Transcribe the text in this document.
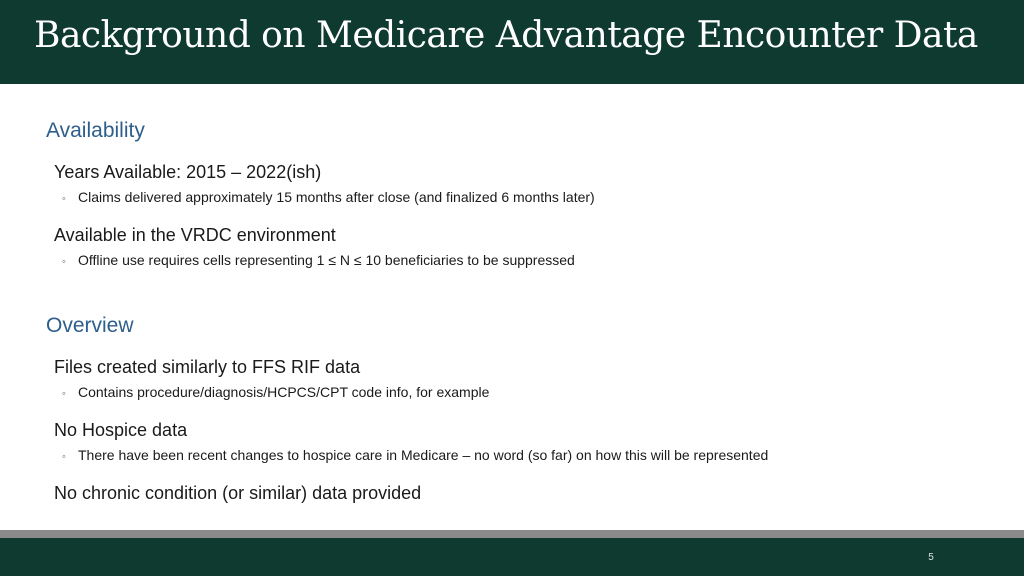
Background on Medicare Advantage Encounter Data
Availability

Years Available: 2015 – 2022(ish)

◦ Claims delivered approximately 15 months after close (and finalized 6 months later)

Available in the VRDC environment

◦ Offline use requires cells representing 1 ≤ N ≤ 10 beneficiaries to be suppressed

Overview

Files created similarly to FFS RIF data

◦ Contains procedure/diagnosis/HCPCS/CPT code info, for example

No Hospice data

◦ There have been recent changes to hospice care in Medicare – no word (so far) on how this will be represented

No chronic condition (or similar) data provided

5
